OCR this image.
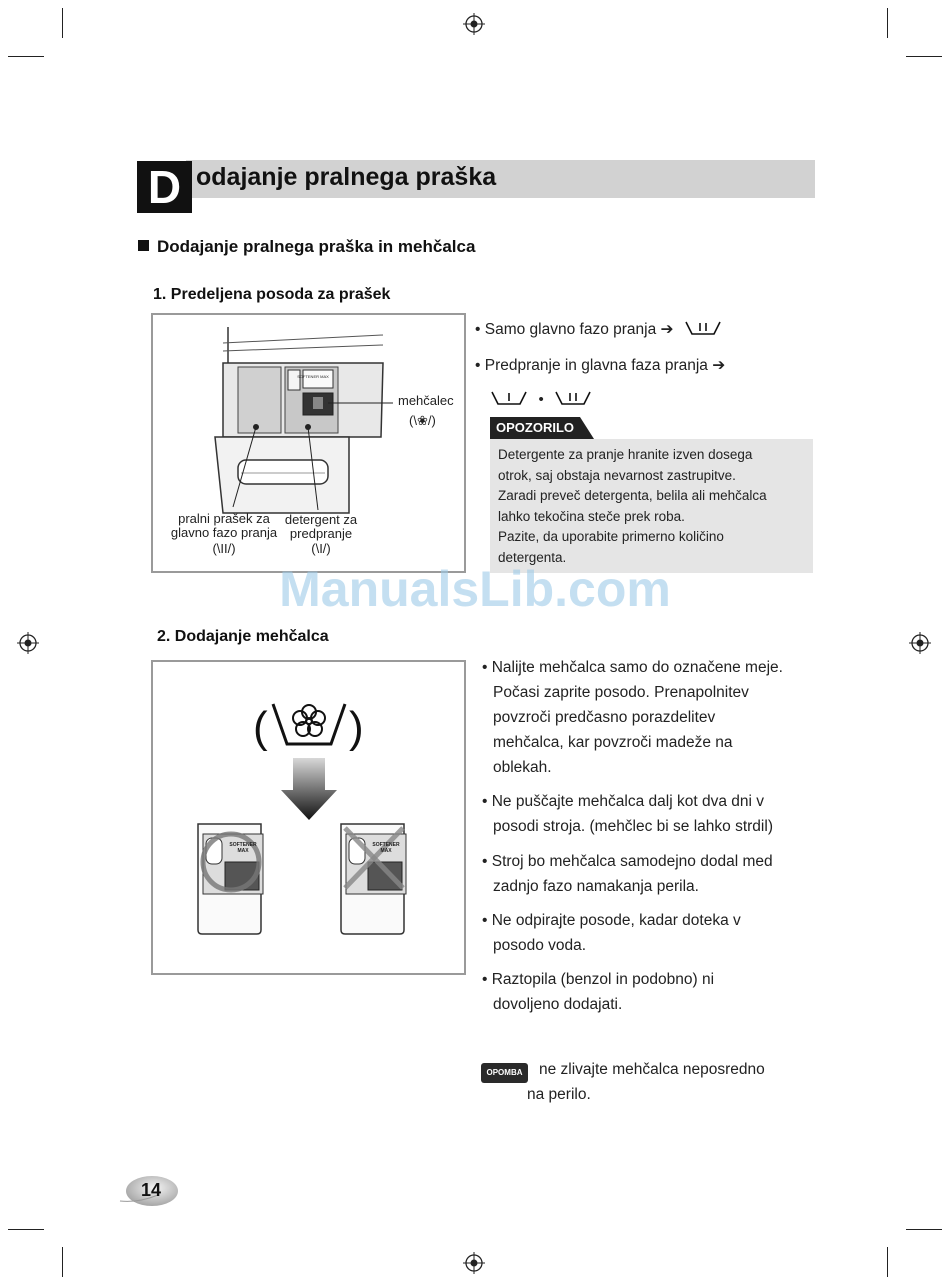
D odajanje pralnega praška
Dodajanje pralnega praška in mehčalca
1. Predeljena posoda za prašek
SOFTENER MAX
mehčalec
(\❀/)
pralni prašek za
glavno fazo pranja
(\II/)
detergent za
predpranje
(\I/)
• Samo glavno fazo pranja ➔
• Predpranje in glavna faza pranja ➔
•
OPOZORILO
Detergente za pranje hranite izven dosega
otrok, saj obstaja nevarnost zastrupitve.
Zaradi preveč detergenta, belila ali mehčalca
lahko tekočina steče prek roba.
Pazite, da uporabite primerno količino
detergenta.
ManualsLib.com
2. Dodajanje mehčalca
( )
SOFTENER MAX
SOFTENER MAX
• Nalijte mehčalca samo do označene meje.
Počasi zaprite posodo. Prenapolnitev
povzroči predčasno porazdelitev
mehčalca, kar povzroči madeže na
oblekah.
• Ne puščajte mehčalca dalj kot dva dni v
posodi stroja. (mehčlec bi se lahko strdil)
• Stroj bo mehčalca samodejno dodal med
zadnjo fazo namakanja perila.
• Ne odpirajte posode, kadar doteka v
posodo voda.
• Raztopila (benzol in podobno) ni
dovoljeno dodajati.
OPOMBA	ne zlivajte mehčalca neposredno
na perilo.
14
